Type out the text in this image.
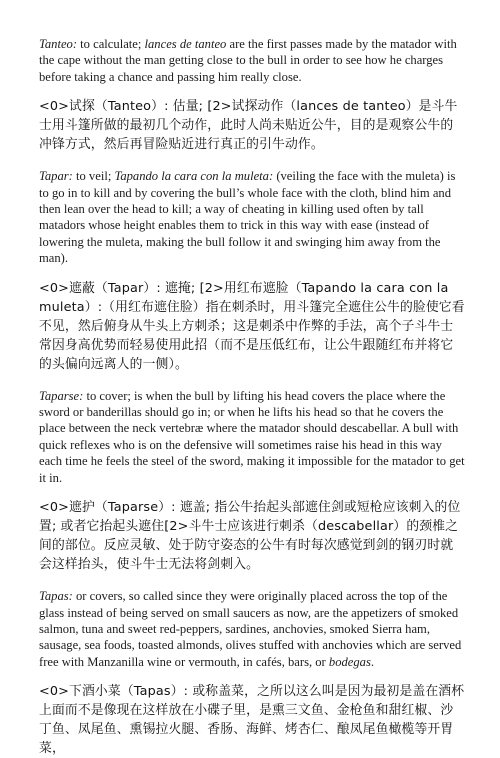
Tanteo: to calculate; lances de tanteo are the first passes made by the matador with the cape without the man getting close to the bull in order to see how he charges before taking a chance and passing him really close.

<0>试探（Tanteo）: 估量; [2>试探动作（lances de tanteo）是斗牛士用斗篷所做的最初几个动作，此时人尚未贴近公牛，目的是观察公牛的冲锋方式，然后再冒险贴近进行真正的引牛动作。

Tapar: to veil; Tapando la cara con la muleta: (veiling the face with the muleta) is to go in to kill and by covering the bull’s whole face with the cloth, blind him and then lean over the head to kill; a way of cheating in killing used often by tall matadors whose height enables them to trick in this way with ease (instead of lowering the muleta, making the bull follow it and swinging him away from the man).

<0>遮蔽（Tapar）: 遮掩; [2>用红布遮脸（Tapando la cara con la muleta）:（用红布遮住脸）指在刺杀时，用斗篷完全遮住公牛的脸使它看不见，然后俯身从牛头上方刺杀；这是刺杀中作弊的手法，高个子斗牛士常因身高优势而轻易使用此招（而不是压低红布，让公牛跟随红布并将它的头偏向远离人的一侧）。

Taparse: to cover; is when the bull by lifting his head covers the place where the sword or banderillas should go in; or when he lifts his head so that he covers the place between the neck vertebræ where the matador should descabellar. A bull with quick reflexes who is on the defensive will sometimes raise his head in this way each time he feels the steel of the sword, making it impossible for the matador to get it in.

<0>遮护（Taparse）: 遮盖; 指公牛抬起头部遮住剑或短枪应该刺入的位置; 或者它抬起头遮住[2>斗牛士应该进行刺杀（descabellar）的颈椎之间的部位。反应灵敏、处于防守姿态的公牛有时每次感觉到剑的钢刃时就会这样抬头，使斗牛士无法将剑刺入。

Tapas: or covers, so called since they were originally placed across the top of the glass instead of being served on small saucers as now, are the appetizers of smoked salmon, tuna and sweet red-peppers, sardines, anchovies, smoked Sierra ham, sausage, sea foods, toasted almonds, olives stuffed with anchovies which are served free with Manzanilla wine or vermouth, in cafés, bars, or bodegas.

<0>下酒小菜（Tapas）: 或称盖菜，之所以这么叫是因为最初是盖在酒杯上面而不是像现在这样放在小碟子里，是熏三文鱼、金枪鱼和甜红椒、沙丁鱼、凤尾鱼、熏锡拉火腿、香肠、海鲜、烤杏仁、酿凤尾鱼橄榄等开胃菜，
